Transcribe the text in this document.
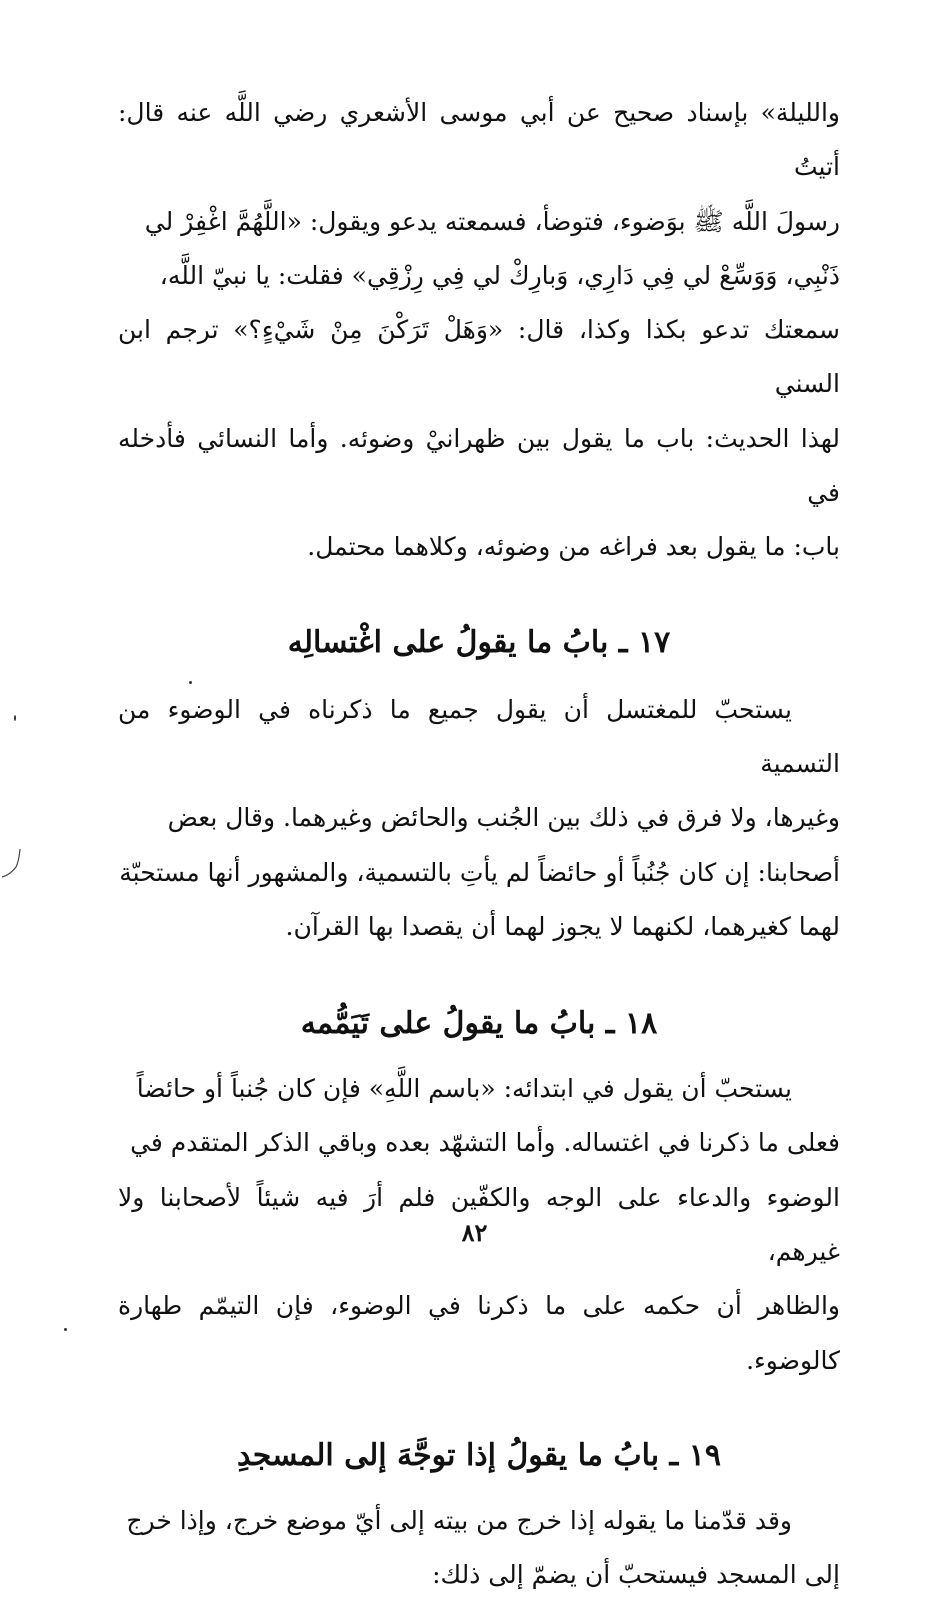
والليلة» بإسناد صحيح عن أبي موسى الأشعري رضي اللَّه عنه قال: أتيتُ
رسولَ اللَّه ﷺ بوَضوء، فتوضأ، فسمعته يدعو ويقول: «اللَّهُمَّ اغْفِرْ لي
ذَنْبِي، وَوَسِّعْ لي فِي دَارِي، وَبارِكْ لي فِي رِزْقِي» فقلت: يا نبيّ اللَّه،
سمعتك تدعو بكذا وكذا، قال: «وَهَلْ تَرَكْنَ مِنْ شَيْءٍ؟» ترجم ابن السني
لهذا الحديث: باب ما يقول بين ظهرانيْ وضوئه. وأما النسائي فأدخله في
باب: ما يقول بعد فراغه من وضوئه، وكلاهما محتمل.
١٧ ـ بابُ ما يقولُ على اغْتسالِه
يستحبّ للمغتسل أن يقول جميع ما ذكرناه في الوضوء من التسمية
وغيرها، ولا فرق في ذلك بين الجُنب والحائض وغيرهما. وقال بعض
أصحابنا: إن كان جُنُباً أو حائضاً لم يأتِ بالتسمية، والمشهور أنها مستحبّة
لهما كغيرهما، لكنهما لا يجوز لهما أن يقصدا بها القرآن.
١٨ ـ بابُ ما يقولُ على تَيَمُّمه
يستحبّ أن يقول في ابتدائه: «باسم اللَّهِ» فإن كان جُنباً أو حائضاً
فعلى ما ذكرنا في اغتساله. وأما التشهّد بعده وباقي الذكر المتقدم في
الوضوء والدعاء على الوجه والكفّين فلم أرَ فيه شيئاً لأصحابنا ولا غيرهم،
والظاهر أن حكمه على ما ذكرنا في الوضوء، فإن التيمّم طهارة كالوضوء.
١٩ ـ بابُ ما يقولُ إذا توجَّهَ إلى المسجدِ
وقد قدّمنا ما يقوله إذا خرج من بيته إلى أيّ موضع خرج، وإذا خرج
إلى المسجد فيستحبّ أن يضمّ إلى ذلك:
٨٢
